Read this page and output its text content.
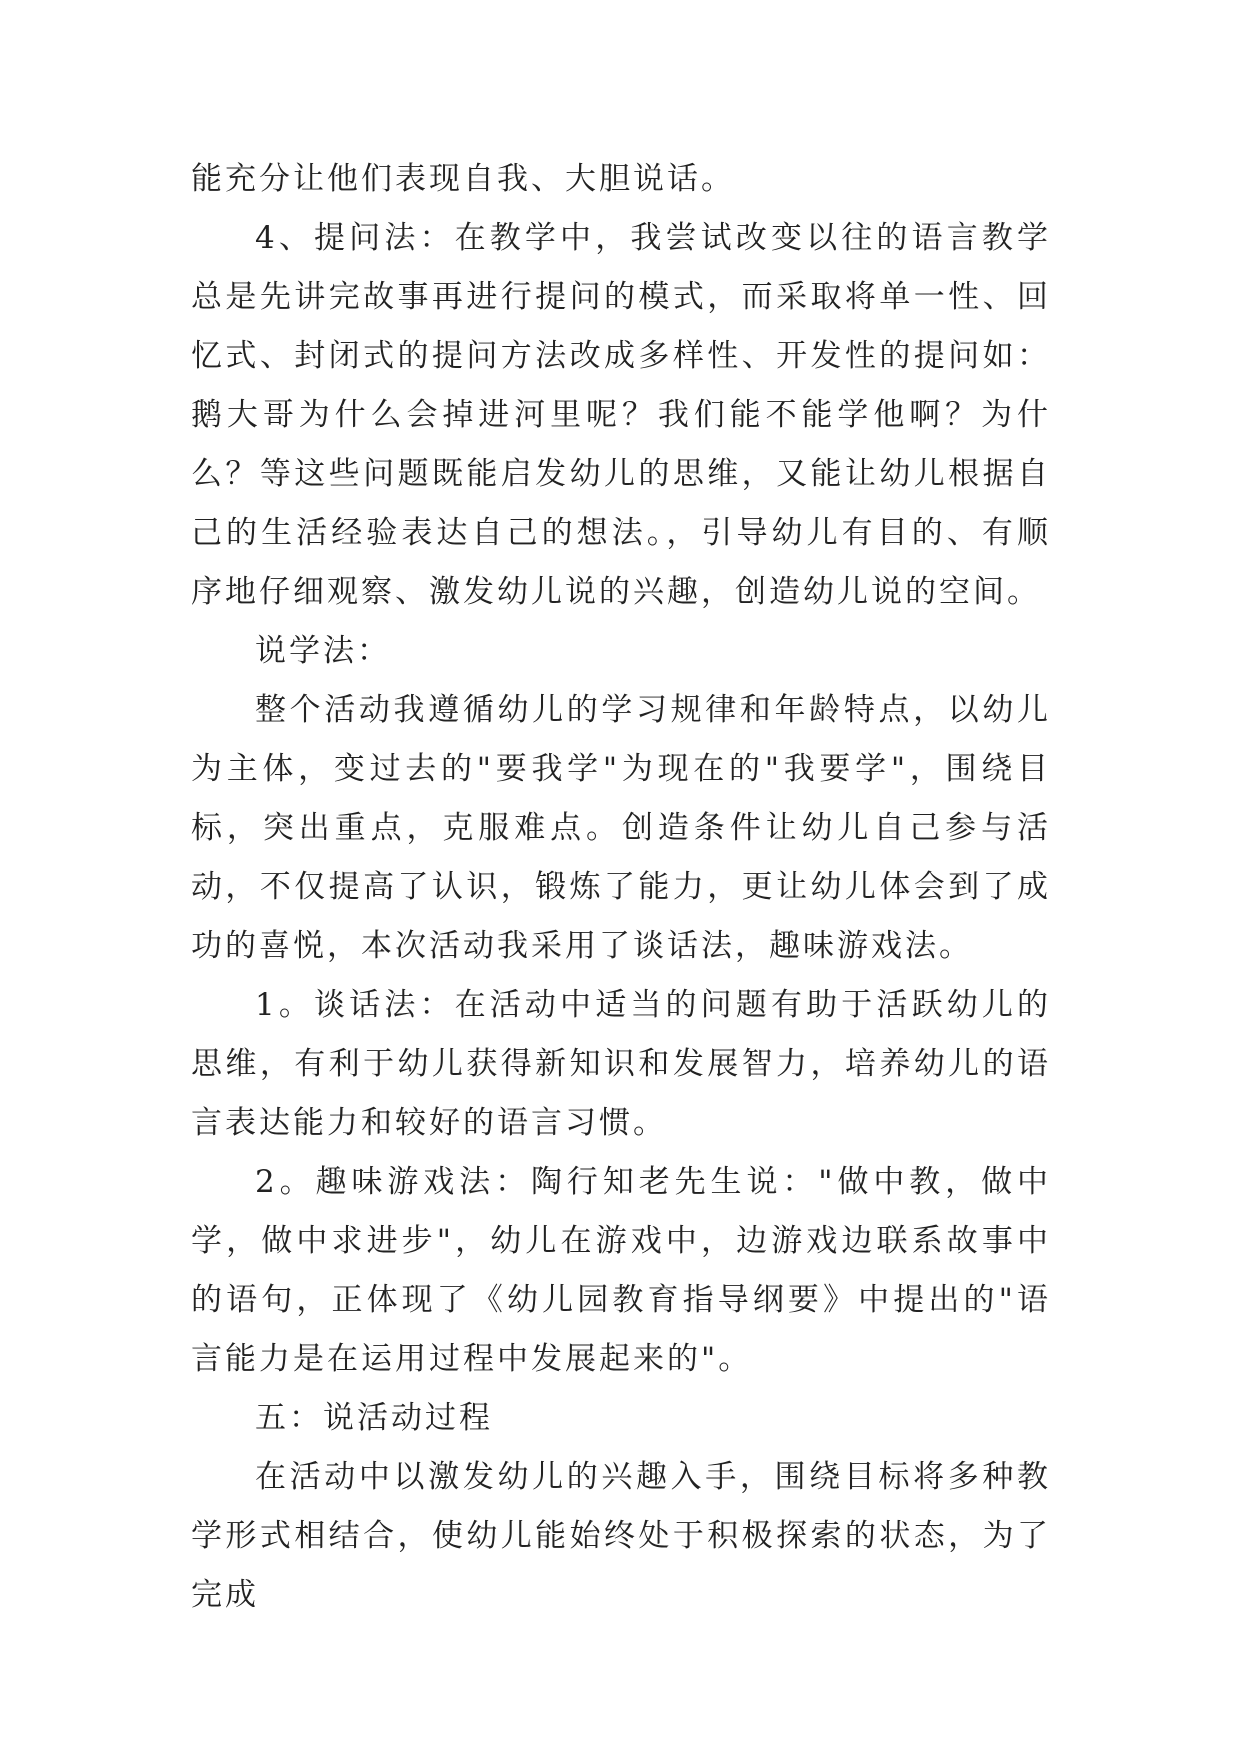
能充分让他们表现自我、大胆说话。

4、提问法：在教学中，我尝试改变以往的语言教学总是先讲完故事再进行提问的模式，而采取将单一性、回忆式、封闭式的提问方法改成多样性、开发性的提问如：鹅大哥为什么会掉进河里呢？我们能不能学他啊？为什么？等这些问题既能启发幼儿的思维，又能让幼儿根据自己的生活经验表达自己的想法。，引导幼儿有目的、有顺序地仔细观察、激发幼儿说的兴趣，创造幼儿说的空间。

说学法：

整个活动我遵循幼儿的学习规律和年龄特点，以幼儿为主体，变过去的"要我学"为现在的"我要学"，围绕目标，突出重点，克服难点。创造条件让幼儿自己参与活动，不仅提高了认识，锻炼了能力，更让幼儿体会到了成功的喜悦，本次活动我采用了谈话法，趣味游戏法。

1。谈话法：在活动中适当的问题有助于活跃幼儿的思维，有利于幼儿获得新知识和发展智力，培养幼儿的语言表达能力和较好的语言习惯。

2。趣味游戏法：陶行知老先生说："做中教，做中学，做中求进步"，幼儿在游戏中，边游戏边联系故事中的语句，正体现了《幼儿园教育指导纲要》中提出的"语言能力是在运用过程中发展起来的"。

五：说活动过程

在活动中以激发幼儿的兴趣入手，围绕目标将多种教学形式相结合，使幼儿能始终处于积极探索的状态，为了完成
